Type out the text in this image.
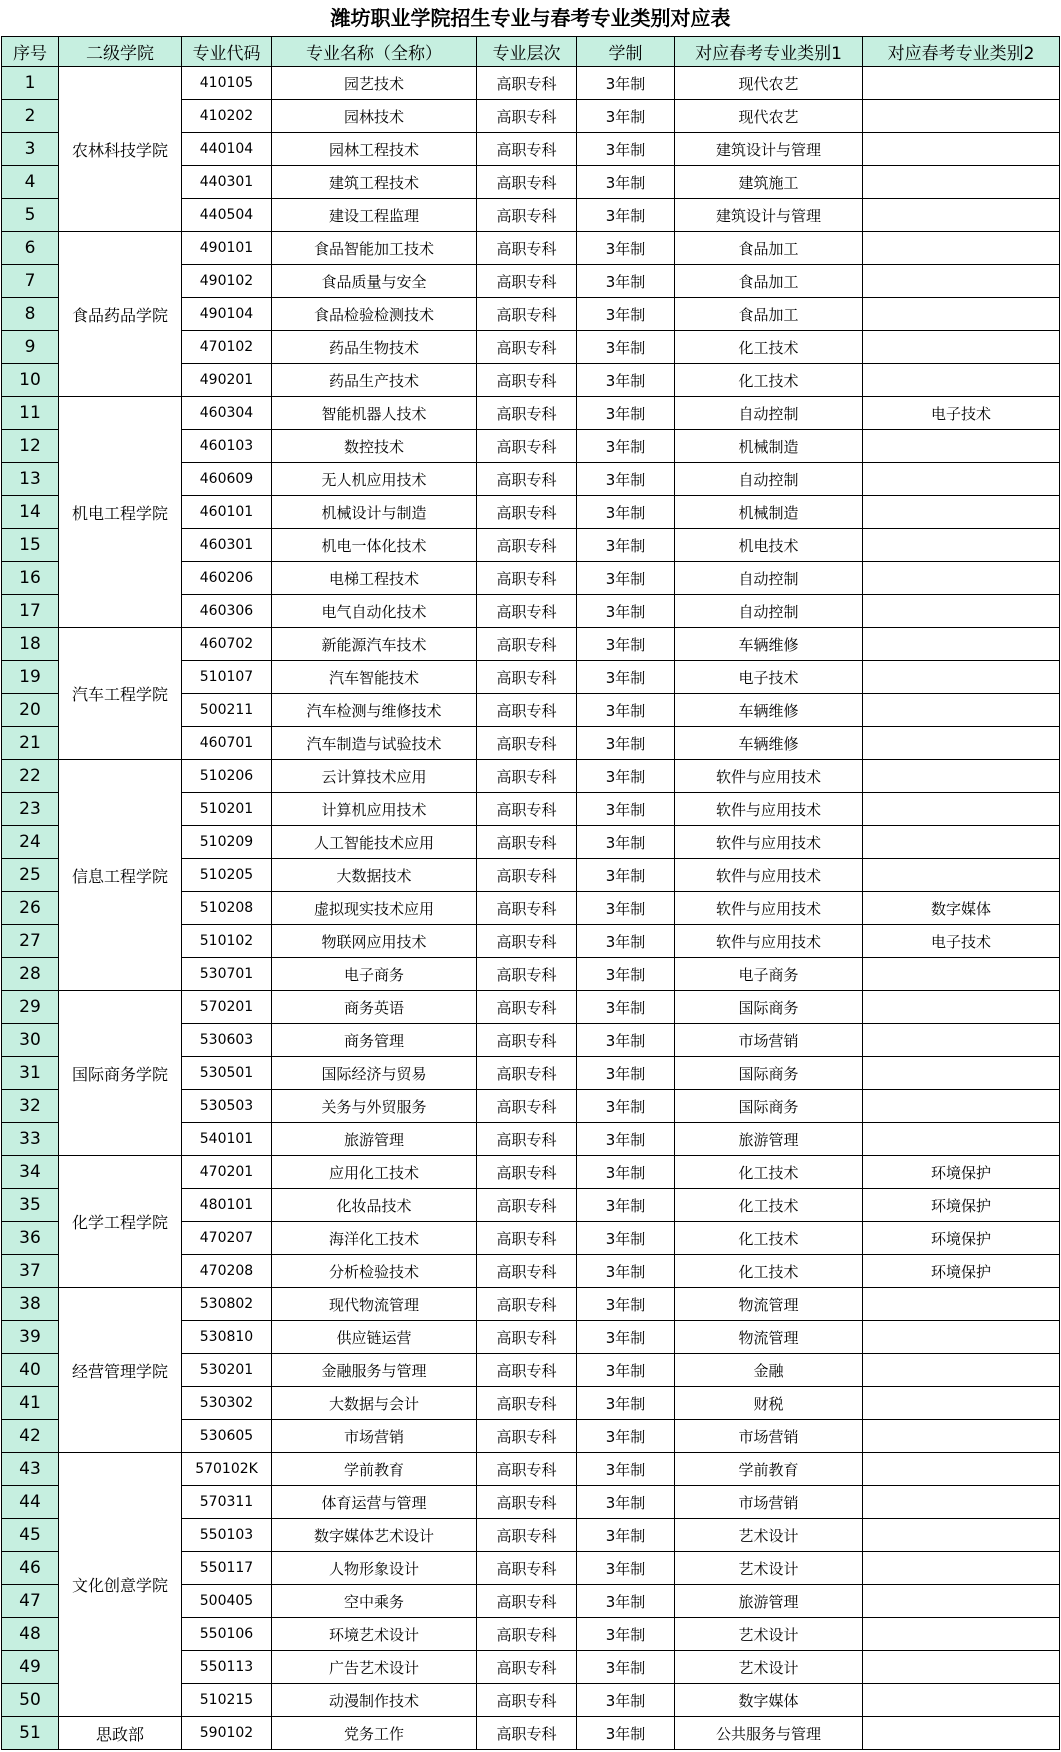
潍坊职业学院招生专业与春考专业类别对应表
序号	二级学院	专业代码	专业名称（全称）	专业层次	学制	对应春考专业类别1	对应春考专业类别2
1	农林科技学院	410105	园艺技术	高职专科	3年制	现代农艺	
2		410202	园林技术	高职专科	3年制	现代农艺	
3		440104	园林工程技术	高职专科	3年制	建筑设计与管理	
4		440301	建筑工程技术	高职专科	3年制	建筑施工	
5		440504	建设工程监理	高职专科	3年制	建筑设计与管理	
6	食品药品学院	490101	食品智能加工技术	高职专科	3年制	食品加工	
7		490102	食品质量与安全	高职专科	3年制	食品加工	
8		490104	食品检验检测技术	高职专科	3年制	食品加工	
9		470102	药品生物技术	高职专科	3年制	化工技术	
10		490201	药品生产技术	高职专科	3年制	化工技术	
11	机电工程学院	460304	智能机器人技术	高职专科	3年制	自动控制	电子技术
12		460103	数控技术	高职专科	3年制	机械制造	
13		460609	无人机应用技术	高职专科	3年制	自动控制	
14		460101	机械设计与制造	高职专科	3年制	机械制造	
15		460301	机电一体化技术	高职专科	3年制	机电技术	
16		460206	电梯工程技术	高职专科	3年制	自动控制	
17		460306	电气自动化技术	高职专科	3年制	自动控制	
18	汽车工程学院	460702	新能源汽车技术	高职专科	3年制	车辆维修	
19		510107	汽车智能技术	高职专科	3年制	电子技术	
20		500211	汽车检测与维修技术	高职专科	3年制	车辆维修	
21		460701	汽车制造与试验技术	高职专科	3年制	车辆维修	
22	信息工程学院	510206	云计算技术应用	高职专科	3年制	软件与应用技术	
23		510201	计算机应用技术	高职专科	3年制	软件与应用技术	
24		510209	人工智能技术应用	高职专科	3年制	软件与应用技术	
25		510205	大数据技术	高职专科	3年制	软件与应用技术	
26		510208	虚拟现实技术应用	高职专科	3年制	软件与应用技术	数字媒体
27		510102	物联网应用技术	高职专科	3年制	软件与应用技术	电子技术
28		530701	电子商务	高职专科	3年制	电子商务	
29	国际商务学院	570201	商务英语	高职专科	3年制	国际商务	
30		530603	商务管理	高职专科	3年制	市场营销	
31		530501	国际经济与贸易	高职专科	3年制	国际商务	
32		530503	关务与外贸服务	高职专科	3年制	国际商务	
33		540101	旅游管理	高职专科	3年制	旅游管理	
34	化学工程学院	470201	应用化工技术	高职专科	3年制	化工技术	环境保护
35		480101	化妆品技术	高职专科	3年制	化工技术	环境保护
36		470207	海洋化工技术	高职专科	3年制	化工技术	环境保护
37		470208	分析检验技术	高职专科	3年制	化工技术	环境保护
38	经营管理学院	530802	现代物流管理	高职专科	3年制	物流管理	
39		530810	供应链运营	高职专科	3年制	物流管理	
40		530201	金融服务与管理	高职专科	3年制	金融	
41		530302	大数据与会计	高职专科	3年制	财税	
42		530605	市场营销	高职专科	3年制	市场营销	
43	文化创意学院	570102K	学前教育	高职专科	3年制	学前教育	
44		570311	体育运营与管理	高职专科	3年制	市场营销	
45		550103	数字媒体艺术设计	高职专科	3年制	艺术设计	
46		550117	人物形象设计	高职专科	3年制	艺术设计	
47		500405	空中乘务	高职专科	3年制	旅游管理	
48		550106	环境艺术设计	高职专科	3年制	艺术设计	
49		550113	广告艺术设计	高职专科	3年制	艺术设计	
50		510215	动漫制作技术	高职专科	3年制	数字媒体	
51	思政部	590102	党务工作	高职专科	3年制	公共服务与管理	
